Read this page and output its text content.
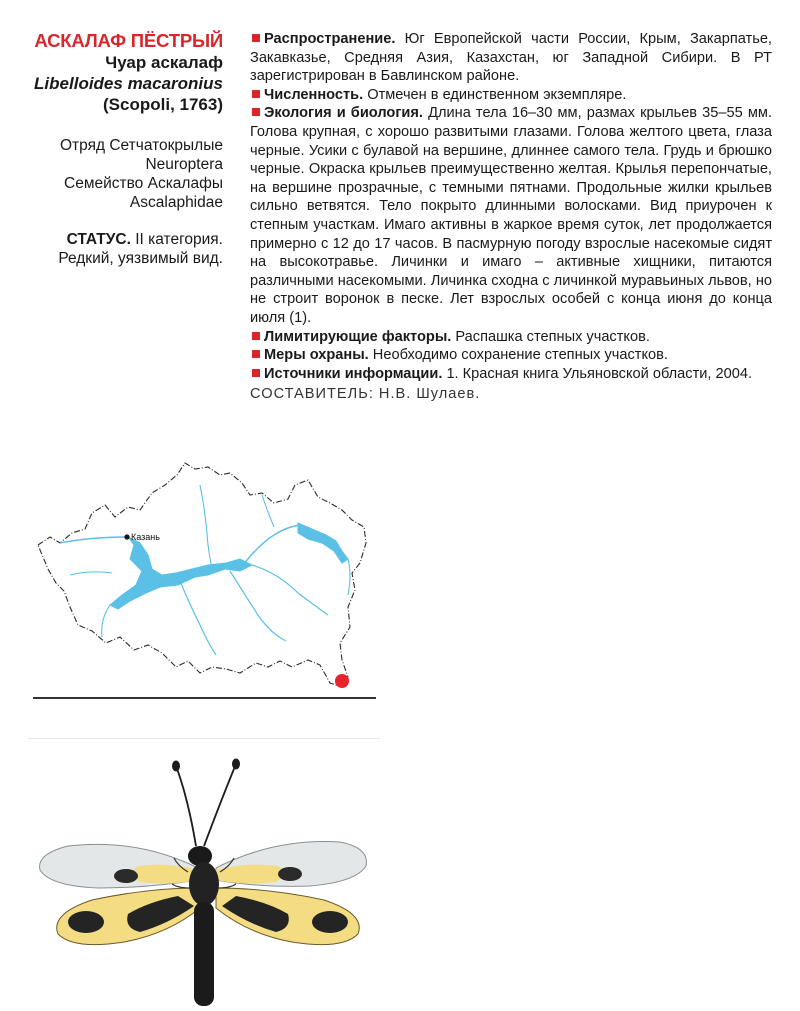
АСКАЛАФ ПЁСТРЫЙ
Чуар аскалаф
Libelloides macaronius
(Scopoli, 1763)
Отряд Сетчатокрылые
Neuroptera
Семейство Аскалафы
Ascalaphidae
СТАТУС. II категория.
Редкий, уязвимый вид.

Распространение. Юг Европейской части России, Крым, Закарпатье, Закавказье, Средняя Азия, Казахстан, юг Западной Сибири. В РТ зарегистрирован в Бавлинском районе.

Численность. Отмечен в единственном экземпляре.

Экология и биология. Длина тела 16–30 мм, размах крыльев 35–55 мм. Голова крупная, с хорошо развитыми глазами. Голова желтого цвета, глаза черные. Усики с булавой на вершине, длиннее самого тела. Грудь и брюшко черные. Окраска крыльев преимущественно желтая. Крылья перепончатые, на вершине прозрачные, с темными пятнами. Продольные жилки крыльев сильно ветвятся. Тело покрыто длинными волосками. Вид приурочен к степным участкам. Имаго активны в жаркое время суток, лет продолжается примерно с 12 до 17 часов. В пасмурную погоду взрослые насекомые сидят на высокотравье. Личинки и имаго – активные хищники, питаются различными насекомыми. Личинка сходна с личинкой муравьиных львов, но не строит воронок в песке. Лет взрослых особей с конца июня до конца июля (1).

Лимитирующие факторы. Распашка степных участков.

Меры охраны. Необходимо сохранение степных участков.

Источники информации. 1. Красная книга Ульяновской области, 2004.

СОСТАВИТЕЛЬ: Н.В. Шулаев.
Казань
